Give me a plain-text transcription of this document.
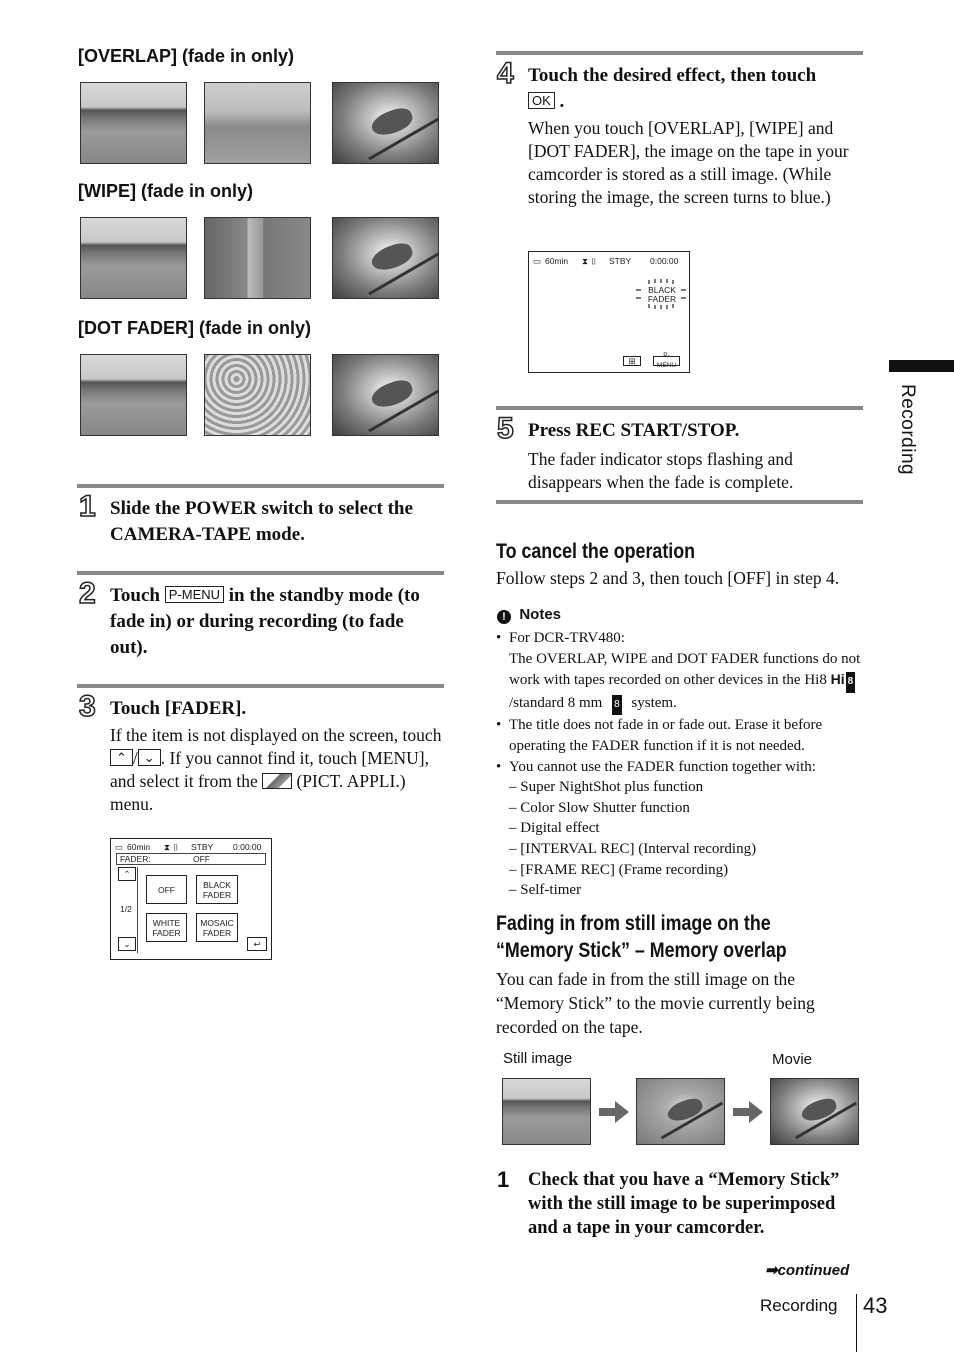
[OVERLAP] (fade in only)
[WIPE] (fade in only)
[DOT FADER] (fade in only)
1 Slide the POWER switch to select the CAMERA-TAPE mode.
2 Touch P-MENU in the standby mode (to fade in) or during recording (to fade out).
3 Touch [FADER].
If the item is not displayed on the screen, touch ⌃ / ⌄ . If you cannot find it, touch [MENU], and select it from the (PICT. APPLI.) menu.
▭ 60min ⧗ ▯ STBY 0:00:00
FADER:	OFF
⌃
1/2
⌄
OFF	BLACK
FADER
WHITE
FADER
MOSAIC
FADER
↩
4 Touch the desired effect, then touch
OK .
When you touch [OVERLAP], [WIPE] and [DOT FADER], the image on the tape in your camcorder is stored as a still image. (While storing the image, the screen turns to blue.)
▭ 60min ⧗ ▯ STBY 0:00:00
BLACK
FADER
⊞
P-MENU
5 Press REC START/STOP.
The fader indicator stops flashing and disappears when the fade is complete.
To cancel the operation
Follow steps 2 and 3, then touch [OFF] in step 4.
! Notes
• For DCR-TRV480:
The OVERLAP, WIPE and DOT FADER functions do not work with tapes recorded on other devices in the Hi8 Hi 8/standard 8 mm 8 system.
• The title does not fade in or fade out. Erase it before operating the FADER function if it is not needed.
• You cannot use the FADER function together with:
– Super NightShot plus function
– Color Slow Shutter function
– Digital effect
– [INTERVAL REC] (Interval recording)
– [FRAME REC] (Frame recording)
– Self-timer
Fading in from still image on the
“Memory Stick” – Memory overlap
You can fade in from the still image on the “Memory Stick” to the movie currently being recorded on the tape.
Still image	Movie
1 Check that you have a “Memory Stick” with the still image to be superimposed and a tape in your camcorder.
➡continued
Recording 43
Recording
